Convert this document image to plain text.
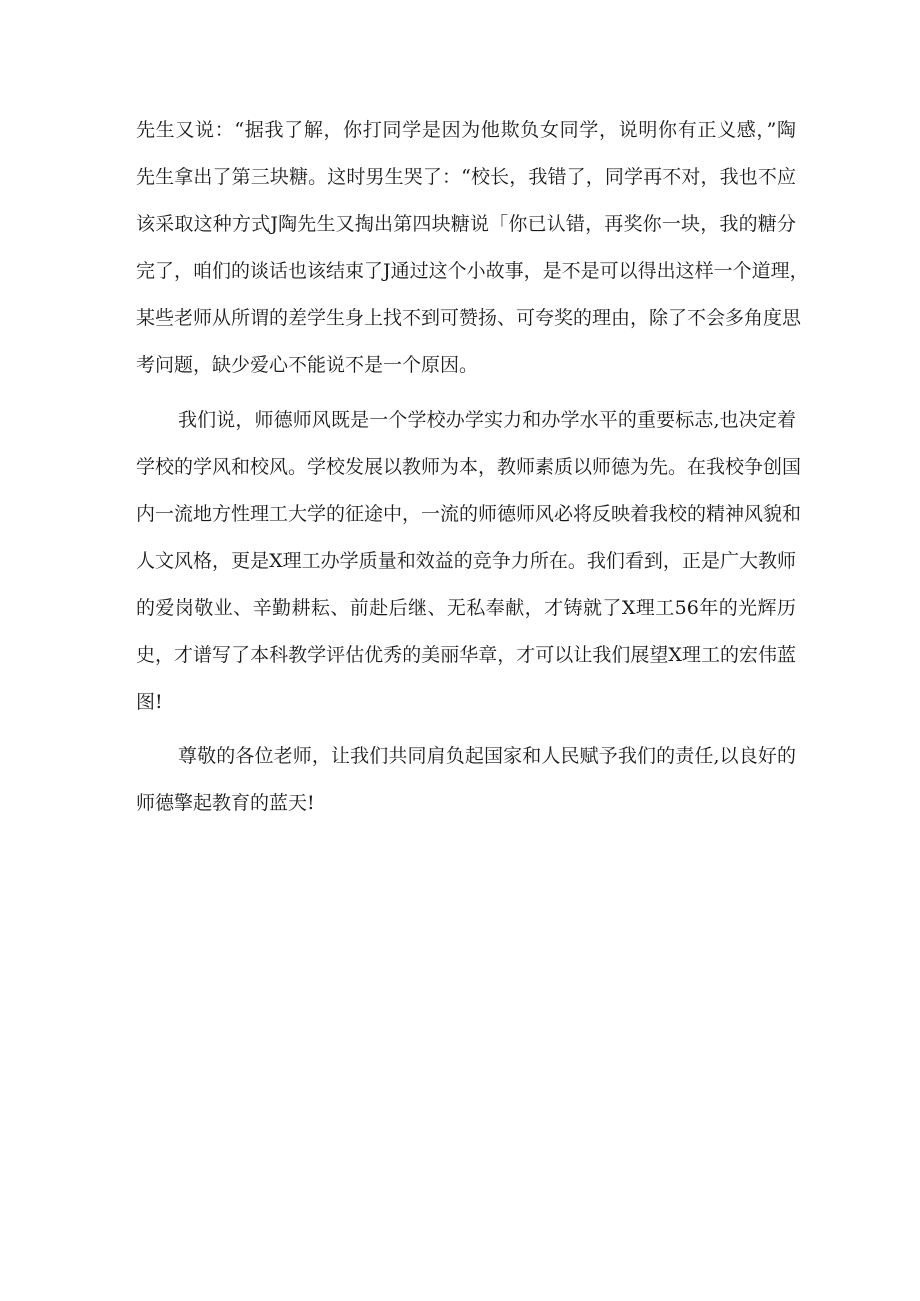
先生又说：“据我了解，你打同学是因为他欺负女同学，说明你有正义感，”陶
先生拿出了第三块糖。这时男生哭了：“校长，我错了，同学再不对，我也不应
该采取这种方式J陶先生又掏出第四块糖说「你已认错，再奖你一块，我的糖分
完了，咱们的谈话也该结束了J通过这个小故事，是不是可以得出这样一个道理，
某些老师从所谓的差学生身上找不到可赞扬、可夸奖的理由，除了不会多角度思
考问题，缺少爱心不能说不是一个原因。
我们说，师德师风既是一个学校办学实力和办学水平的重要标志,也决定着
学校的学风和校风。学校发展以教师为本，教师素质以师德为先。在我校争创国
内一流地方性理工大学的征途中，一流的师德师风必将反映着我校的精神风貌和
人文风格，更是X理工办学质量和效益的竞争力所在。我们看到，正是广大教师
的爱岗敬业、辛勤耕耘、前赴后继、无私奉献，才铸就了X理工56年的光辉历
史，才谱写了本科教学评估优秀的美丽华章，才可以让我们展望X理工的宏伟蓝
图!
尊敬的各位老师，让我们共同肩负起国家和人民赋予我们的责任,以良好的
师德擎起教育的蓝天!
